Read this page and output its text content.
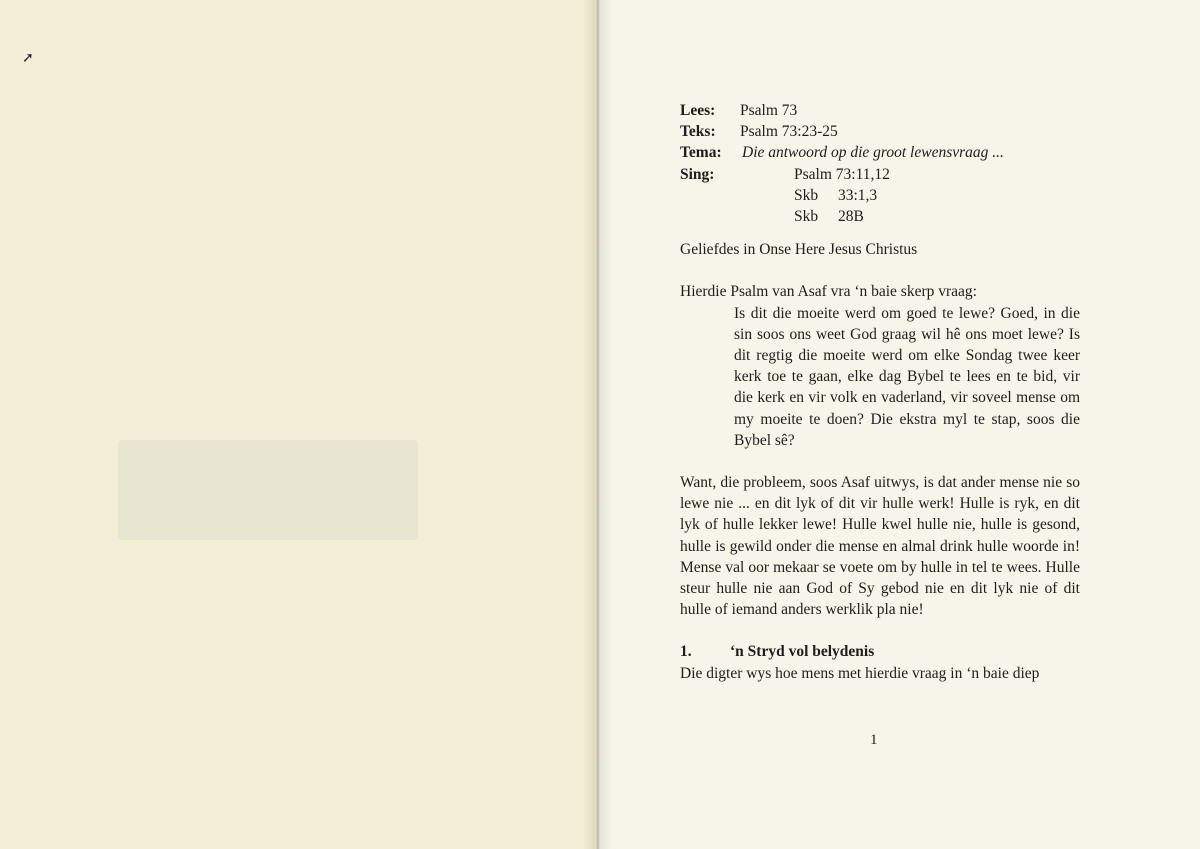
➚
Lees:	Psalm 73
Teks:	Psalm 73:23-25
Tema:	Die antwoord op die groot lewensvraag ...
Sing:	Psalm 73:11,12
Skb	33:1,3
Skb	28B

Geliefdes in Onse Here Jesus Christus

Hierdie Psalm van Asaf vra ‘n baie skerp vraag:

Is dit die moeite werd om goed te lewe? Goed, in die sin soos ons weet God graag wil hê ons moet lewe? Is dit regtig die moeite werd om elke Sondag twee keer kerk toe te gaan, elke dag Bybel te lees en te bid, vir die kerk en vir volk en vaderland, vir soveel mense om my moeite te doen? Die ekstra myl te stap, soos die Bybel sê?

Want, die probleem, soos Asaf uitwys, is dat ander mense nie so lewe nie ... en dit lyk of dit vir hulle werk! Hulle is ryk, en dit lyk of hulle lekker lewe! Hulle kwel hulle nie, hulle is gesond, hulle is gewild onder die mense en almal drink hulle woorde in! Mense val oor mekaar se voete om by hulle in tel te wees. Hulle steur hulle nie aan God of Sy gebod nie en dit lyk nie of dit hulle of iemand anders werklik pla nie!

1.	‘n Stryd vol belydenis

Die digter wys hoe mens met hierdie vraag in ‘n baie diep

1
